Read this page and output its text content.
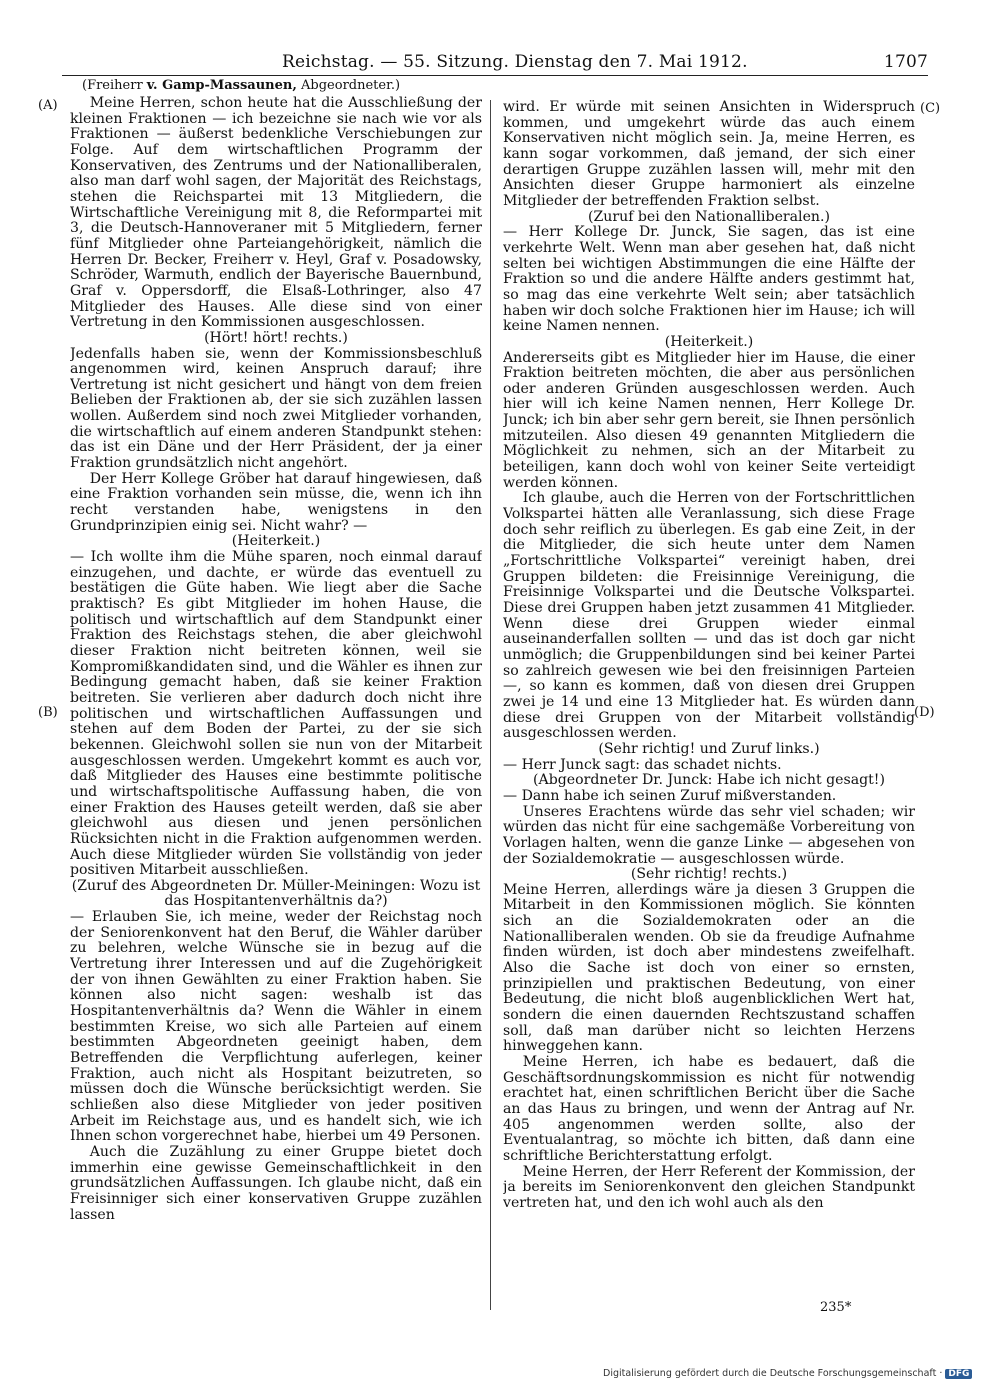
Reichstag. — 55. Sitzung. Dienstag den 7. Mai 1912.	1707
(Freiherr v. Gamp-Massaunen, Abgeordneter.)
(A)
(B)
(C)
(D)

Meine Herren, schon heute hat die Ausschließung der kleinen Fraktionen — ich bezeichne sie nach wie vor als Fraktionen — äußerst bedenkliche Verschiebungen zur Folge. Auf dem wirtschaftlichen Programm der Konservativen, des Zentrums und der Nationalliberalen, also man darf wohl sagen, der Majorität des Reichstags, stehen die Reichspartei mit 13 Mitgliedern, die Wirtschaftliche Vereinigung mit 8, die Reformpartei mit 3, die Deutsch-Hannoveraner mit 5 Mitgliedern, ferner fünf Mitglieder ohne Parteiangehörigkeit, nämlich die Herren Dr. Becker, Freiherr v. Heyl, Graf v. Posadowsky, Schröder, Warmuth, endlich der Bayerische Bauernbund, Graf v. Oppersdorff, die Elsaß-Lothringer, also 47 Mitglieder des Hauses. Alle diese sind von einer Vertretung in den Kommissionen ausgeschlossen.

(Hört! hört! rechts.)

Jedenfalls haben sie, wenn der Kommissionsbeschluß angenommen wird, keinen Anspruch darauf; ihre Vertretung ist nicht gesichert und hängt von dem freien Belieben der Fraktionen ab, der sie sich zuzählen lassen wollen. Außerdem sind noch zwei Mitglieder vorhanden, die wirtschaftlich auf einem anderen Standpunkt stehen: das ist ein Däne und der Herr Präsident, der ja einer Fraktion grundsätzlich nicht angehört.

Der Herr Kollege Gröber hat darauf hingewiesen, daß eine Fraktion vorhanden sein müsse, die, wenn ich ihn recht verstanden habe, wenigstens in den Grundprinzipien einig sei. Nicht wahr? —

(Heiterkeit.)

— Ich wollte ihm die Mühe sparen, noch einmal darauf einzugehen, und dachte, er würde das eventuell zu bestätigen die Güte haben. Wie liegt aber die Sache praktisch? Es gibt Mitglieder im hohen Hause, die politisch und wirtschaftlich auf dem Standpunkt einer Fraktion des Reichstags stehen, die aber gleichwohl dieser Fraktion nicht beitreten können, weil sie Kompromißkandidaten sind, und die Wähler es ihnen zur Bedingung gemacht haben, daß sie keiner Fraktion beitreten. Sie verlieren aber dadurch doch nicht ihre politischen und wirtschaftlichen Auffassungen und stehen auf dem Boden der Partei, zu der sie sich bekennen. Gleichwohl sollen sie nun von der Mitarbeit ausgeschlossen werden. Umgekehrt kommt es auch vor, daß Mitglieder des Hauses eine bestimmte politische und wirtschaftspolitische Auffassung haben, die von einer Fraktion des Hauses geteilt werden, daß sie aber gleichwohl aus diesen und jenen persönlichen Rücksichten nicht in die Fraktion aufgenommen werden. Auch diese Mitglieder würden Sie vollständig von jeder positiven Mitarbeit ausschließen.

(Zuruf des Abgeordneten Dr. Müller-Meiningen: Wozu ist das Hospitantenverhältnis da?)

— Erlauben Sie, ich meine, weder der Reichstag noch der Seniorenkonvent hat den Beruf, die Wähler darüber zu belehren, welche Wünsche sie in bezug auf die Vertretung ihrer Interessen und auf die Zugehörigkeit der von ihnen Gewählten zu einer Fraktion haben. Sie können also nicht sagen: weshalb ist das Hospitantenverhältnis da? Wenn die Wähler in einem bestimmten Kreise, wo sich alle Parteien auf einem bestimmten Abgeordneten geeinigt haben, dem Betreffenden die Verpflichtung auferlegen, keiner Fraktion, auch nicht als Hospitant beizutreten, so müssen doch die Wünsche berücksichtigt werden. Sie schließen also diese Mitglieder von jeder positiven Arbeit im Reichstage aus, und es handelt sich, wie ich Ihnen schon vorgerechnet habe, hierbei um 49 Personen.

Auch die Zuzählung zu einer Gruppe bietet doch immerhin eine gewisse Gemeinschaftlichkeit in den grundsätzlichen Auffassungen. Ich glaube nicht, daß ein Freisinniger sich einer konservativen Gruppe zuzählen lassen

wird. Er würde mit seinen Ansichten in Widerspruch kommen, und umgekehrt würde das auch einem Konservativen nicht möglich sein. Ja, meine Herren, es kann sogar vorkommen, daß jemand, der sich einer derartigen Gruppe zuzählen lassen will, mehr mit den Ansichten dieser Gruppe harmoniert als einzelne Mitglieder der betreffenden Fraktion selbst.

(Zuruf bei den Nationalliberalen.)

— Herr Kollege Dr. Junck, Sie sagen, das ist eine verkehrte Welt. Wenn man aber gesehen hat, daß nicht selten bei wichtigen Abstimmungen die eine Hälfte der Fraktion so und die andere Hälfte anders gestimmt hat, so mag das eine verkehrte Welt sein; aber tatsächlich haben wir doch solche Fraktionen hier im Hause; ich will keine Namen nennen.

(Heiterkeit.)

Andererseits gibt es Mitglieder hier im Hause, die einer Fraktion beitreten möchten, die aber aus persönlichen oder anderen Gründen ausgeschlossen werden. Auch hier will ich keine Namen nennen, Herr Kollege Dr. Junck; ich bin aber sehr gern bereit, sie Ihnen persönlich mitzuteilen. Also diesen 49 genannten Mitgliedern die Möglichkeit zu nehmen, sich an der Mitarbeit zu beteiligen, kann doch wohl von keiner Seite verteidigt werden können.

Ich glaube, auch die Herren von der Fortschrittlichen Volkspartei hätten alle Veranlassung, sich diese Frage doch sehr reiflich zu überlegen. Es gab eine Zeit, in der die Mitglieder, die sich heute unter dem Namen „Fortschrittliche Volkspartei“ vereinigt haben, drei Gruppen bildeten: die Freisinnige Vereinigung, die Freisinnige Volkspartei und die Deutsche Volkspartei. Diese drei Gruppen haben jetzt zusammen 41 Mitglieder. Wenn diese drei Gruppen wieder einmal auseinanderfallen sollten — und das ist doch gar nicht unmöglich; die Gruppenbildungen sind bei keiner Partei so zahlreich gewesen wie bei den freisinnigen Parteien —, so kann es kommen, daß von diesen drei Gruppen zwei je 14 und eine 13 Mitglieder hat. Es würden dann diese drei Gruppen von der Mitarbeit vollständig ausgeschlossen werden.

(Sehr richtig! und Zuruf links.)

— Herr Junck sagt: das schadet nichts.

(Abgeordneter Dr. Junck: Habe ich nicht gesagt!)

— Dann habe ich seinen Zuruf mißverstanden.

Unseres Erachtens würde das sehr viel schaden; wir würden das nicht für eine sachgemäße Vorbereitung von Vorlagen halten, wenn die ganze Linke — abgesehen von der Sozialdemokratie — ausgeschlossen würde.

(Sehr richtig! rechts.)

Meine Herren, allerdings wäre ja diesen 3 Gruppen die Mitarbeit in den Kommissionen möglich. Sie könnten sich an die Sozialdemokraten oder an die Nationalliberalen wenden. Ob sie da freudige Aufnahme finden würden, ist doch aber mindestens zweifelhaft. Also die Sache ist doch von einer so ernsten, prinzipiellen und praktischen Bedeutung, von einer Bedeutung, die nicht bloß augenblicklichen Wert hat, sondern die einen dauernden Rechtszustand schaffen soll, daß man darüber nicht so leichten Herzens hinweggehen kann.

Meine Herren, ich habe es bedauert, daß die Geschäftsordnungskommission es nicht für notwendig erachtet hat, einen schriftlichen Bericht über die Sache an das Haus zu bringen, und wenn der Antrag auf Nr. 405 angenommen werden sollte, also der Eventualantrag, so möchte ich bitten, daß dann eine schriftliche Berichterstattung erfolgt.

Meine Herren, der Herr Referent der Kommission, der ja bereits im Seniorenkonvent den gleichen Standpunkt vertreten hat, und den ich wohl auch als den

235*
Digitalisierung gefördert durch die Deutsche Forschungsgemeinschaft · DFG
